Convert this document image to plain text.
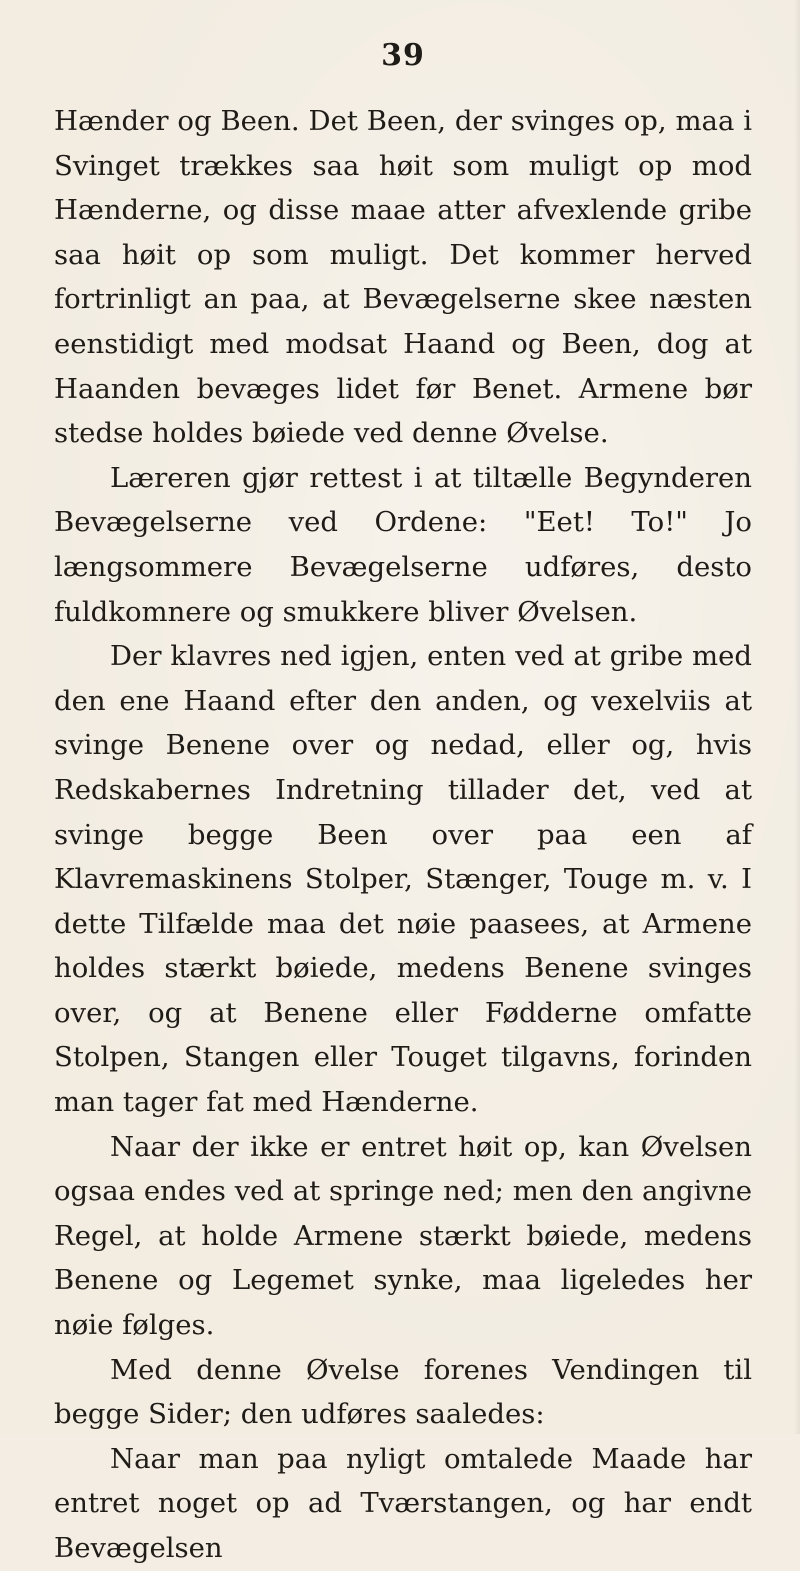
39

Hænder og Been. Det Been, der svinges op, maa i Svinget trækkes saa høit som muligt op mod Hænderne, og disse maae atter afvexlende gribe saa høit op som muligt. Det kommer herved fortrinligt an paa, at Bevægelserne skee næsten eenstidigt med modsat Haand og Been, dog at Haanden bevæges lidet før Benet. Armene bør stedse holdes bøiede ved denne Øvelse.

Læreren gjør rettest i at tiltælle Begynderen Bevægelserne ved Ordene: "Eet! To!" Jo længsommere Bevægelserne udføres, desto fuldkomnere og smukkere bliver Øvelsen.

Der klavres ned igjen, enten ved at gribe med den ene Haand efter den anden, og vexelviis at svinge Benene over og nedad, eller og, hvis Redskabernes Indretning tillader det, ved at svinge begge Been over paa een af Klavremaskinens Stolper, Stænger, Touge m. v. I dette Tilfælde maa det nøie paasees, at Armene holdes stærkt bøiede, medens Benene svinges over, og at Benene eller Fødderne omfatte Stolpen, Stangen eller Touget tilgavns, forinden man tager fat med Hænderne.

Naar der ikke er entret høit op, kan Øvelsen ogsaa endes ved at springe ned; men den angivne Regel, at holde Armene stærkt bøiede, medens Benene og Legemet synke, maa ligeledes her nøie følges.

Med denne Øvelse forenes Vendingen til begge Sider; den udføres saaledes:

Naar man paa nyligt omtalede Maade har entret noget op ad Tværstangen, og har endt Bevægelsen
